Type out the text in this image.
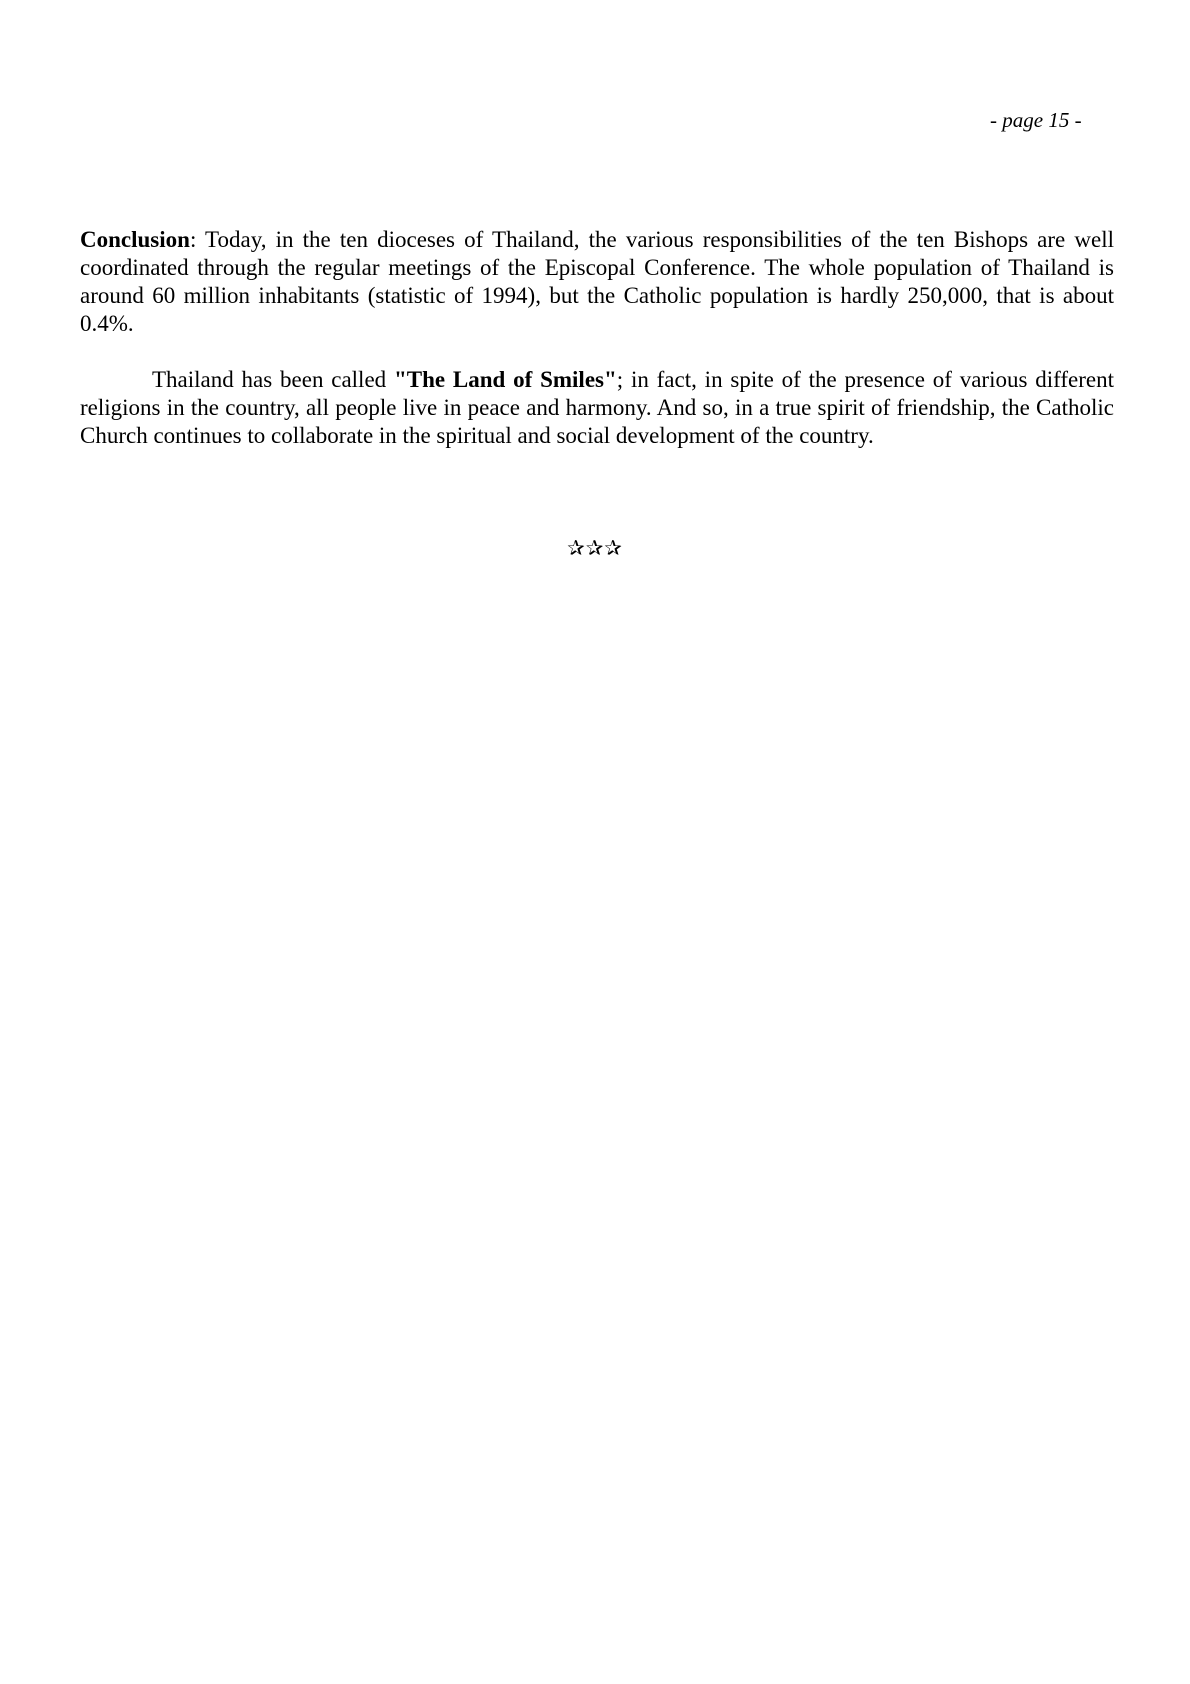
- page 15 -

Conclusion: Today, in the ten dioceses of Thailand, the various responsibilities of the ten Bishops are well coordinated through the regular meetings of the Episcopal Conference. The whole population of Thailand is around 60 million inhabitants (statistic of 1994), but the Catholic population is hardly 250,000, that is about 0.4%.

Thailand has been called "The Land of Smiles"; in fact, in spite of the presence of various different religions in the country, all people live in peace and harmony. And so, in a true spirit of friendship, the Catholic Church continues to collaborate in the spiritual and social development of the country.

✰✰✰
